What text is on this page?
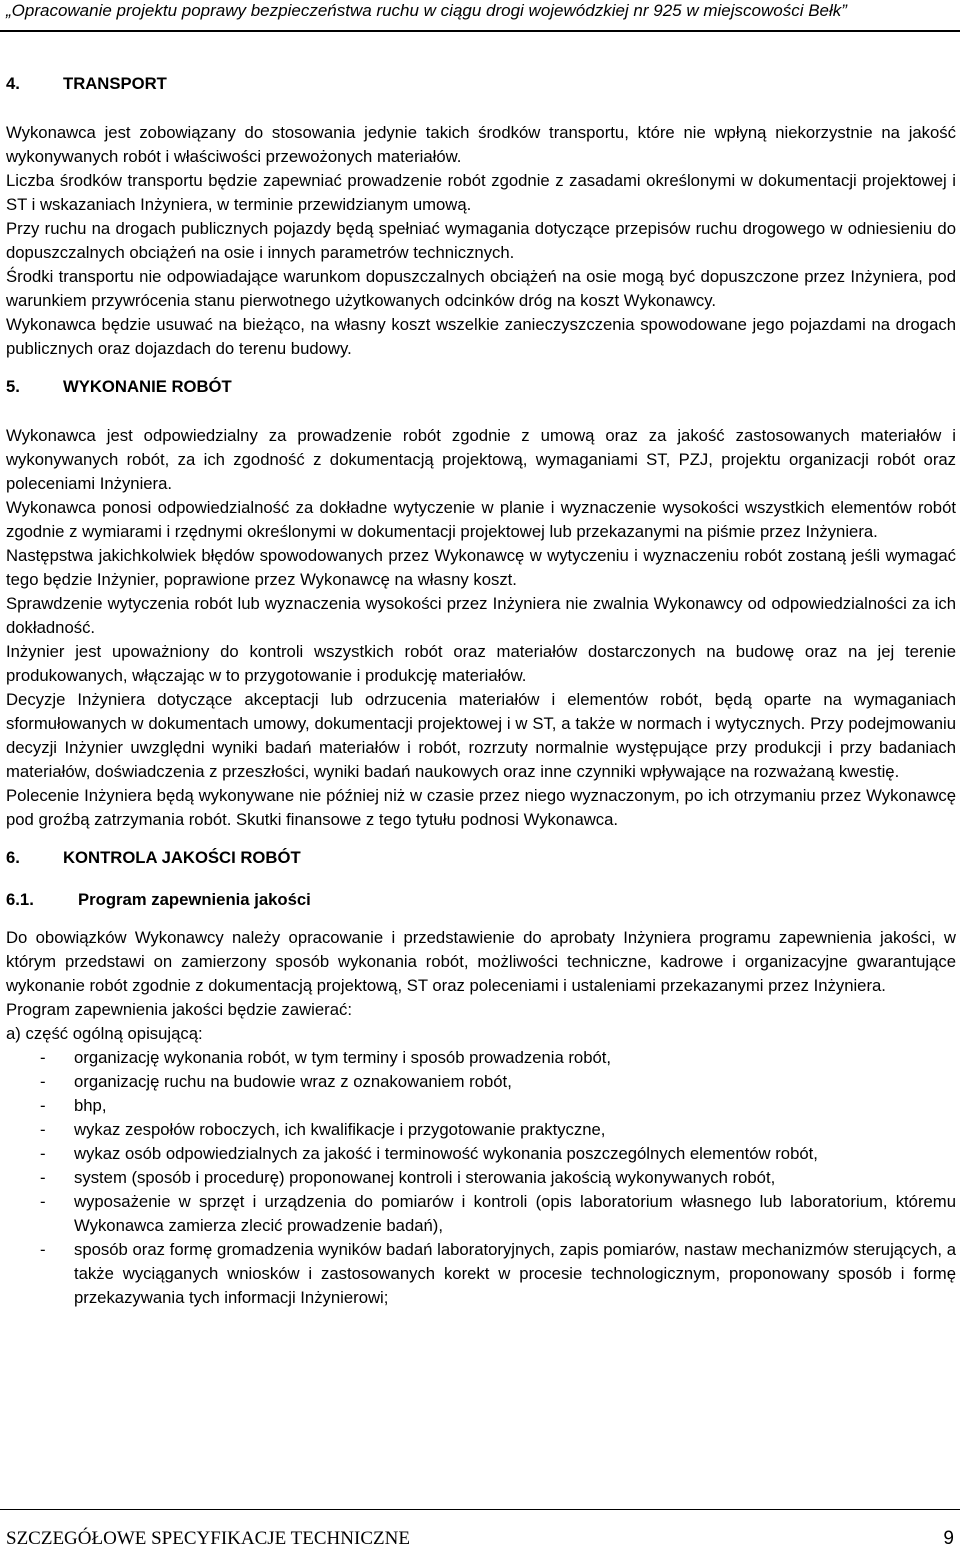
„Opracowanie projektu poprawy bezpieczeństwa ruchu w ciągu drogi wojewódzkiej nr 925 w miejscowości Bełk”
4.	TRANSPORT

Wykonawca jest zobowiązany do stosowania jedynie takich środków transportu, które nie wpłyną niekorzystnie na jakość wykonywanych robót i właściwości przewożonych materiałów.

Liczba środków transportu będzie zapewniać prowadzenie robót zgodnie z zasadami określonymi w dokumentacji projektowej i ST i wskazaniach Inżyniera, w terminie przewidzianym umową.

Przy ruchu na drogach publicznych pojazdy będą spełniać wymagania dotyczące przepisów ruchu drogowego w odniesieniu do dopuszczalnych obciążeń na osie i innych parametrów technicznych.

Środki transportu nie odpowiadające warunkom dopuszczalnych obciążeń na osie mogą być dopuszczone przez Inżyniera, pod warunkiem przywrócenia stanu pierwotnego użytkowanych odcinków dróg na koszt Wykonawcy.

Wykonawca będzie usuwać na bieżąco, na własny koszt wszelkie zanieczyszczenia spowodowane jego pojazdami na drogach publicznych oraz dojazdach do terenu budowy.

5.	WYKONANIE ROBÓT

Wykonawca jest odpowiedzialny za prowadzenie robót zgodnie z umową oraz za jakość zastosowanych materiałów i wykonywanych robót, za ich zgodność z dokumentacją projektową, wymaganiami ST, PZJ, projektu organizacji robót oraz poleceniami Inżyniera.

Wykonawca ponosi odpowiedzialność za dokładne wytyczenie w planie i wyznaczenie wysokości wszystkich elementów robót zgodnie z wymiarami i rzędnymi określonymi w dokumentacji projektowej lub przekazanymi na piśmie przez Inżyniera.

Następstwa jakichkolwiek błędów spowodowanych przez Wykonawcę w wytyczeniu i wyznaczeniu robót zostaną jeśli wymagać tego będzie Inżynier, poprawione przez Wykonawcę na własny koszt.

Sprawdzenie wytyczenia robót lub wyznaczenia wysokości przez Inżyniera nie zwalnia Wykonawcy od odpowiedzialności za ich dokładność.

Inżynier jest upoważniony do kontroli wszystkich robót oraz materiałów dostarczonych na budowę oraz na jej terenie produkowanych, włączając w to przygotowanie i produkcję materiałów.

Decyzje Inżyniera dotyczące akceptacji lub odrzucenia materiałów i elementów robót, będą oparte na wymaganiach sformułowanych w dokumentach umowy, dokumentacji projektowej i w ST, a także w normach i wytycznych. Przy podejmowaniu decyzji Inżynier uwzględni wyniki badań materiałów i robót, rozrzuty normalnie występujące przy produkcji i przy badaniach materiałów, doświadczenia z przeszłości, wyniki badań naukowych oraz inne czynniki wpływające na rozważaną kwestię.

Polecenie Inżyniera będą wykonywane nie później niż w czasie przez niego wyznaczonym, po ich otrzymaniu przez Wykonawcę pod groźbą zatrzymania robót. Skutki finansowe z tego tytułu podnosi Wykonawca.

6.	KONTROLA JAKOŚCI ROBÓT
6.1.	Program zapewnienia jakości

Do obowiązków Wykonawcy należy opracowanie i przedstawienie do aprobaty Inżyniera programu zapewnienia jakości, w którym przedstawi on zamierzony sposób wykonania robót, możliwości techniczne, kadrowe i organizacyjne gwarantujące wykonanie robót zgodnie z dokumentacją projektową, ST oraz poleceniami i ustaleniami przekazanymi przez Inżyniera.

Program zapewnienia jakości będzie zawierać:

a) część ogólną opisującą:

- organizację wykonania robót, w tym terminy i sposób prowadzenia robót,
- organizację ruchu na budowie wraz z oznakowaniem robót,
- bhp,
- wykaz zespołów roboczych, ich kwalifikacje i przygotowanie praktyczne,
- wykaz osób odpowiedzialnych za jakość i terminowość wykonania poszczególnych elementów robót,
- system (sposób i procedurę) proponowanej kontroli i sterowania jakością wykonywanych robót,
- wyposażenie w sprzęt i urządzenia do pomiarów i kontroli (opis laboratorium własnego lub laboratorium, któremu Wykonawca zamierza zlecić prowadzenie badań),
- sposób oraz formę gromadzenia wyników badań laboratoryjnych, zapis pomiarów, nastaw mechanizmów sterujących, a także wyciąganych wniosków i zastosowanych korekt w procesie technologicznym, proponowany sposób i formę przekazywania tych informacji Inżynierowi;
SZCZEGÓŁOWE SPECYFIKACJE TECHNICZNE	9
